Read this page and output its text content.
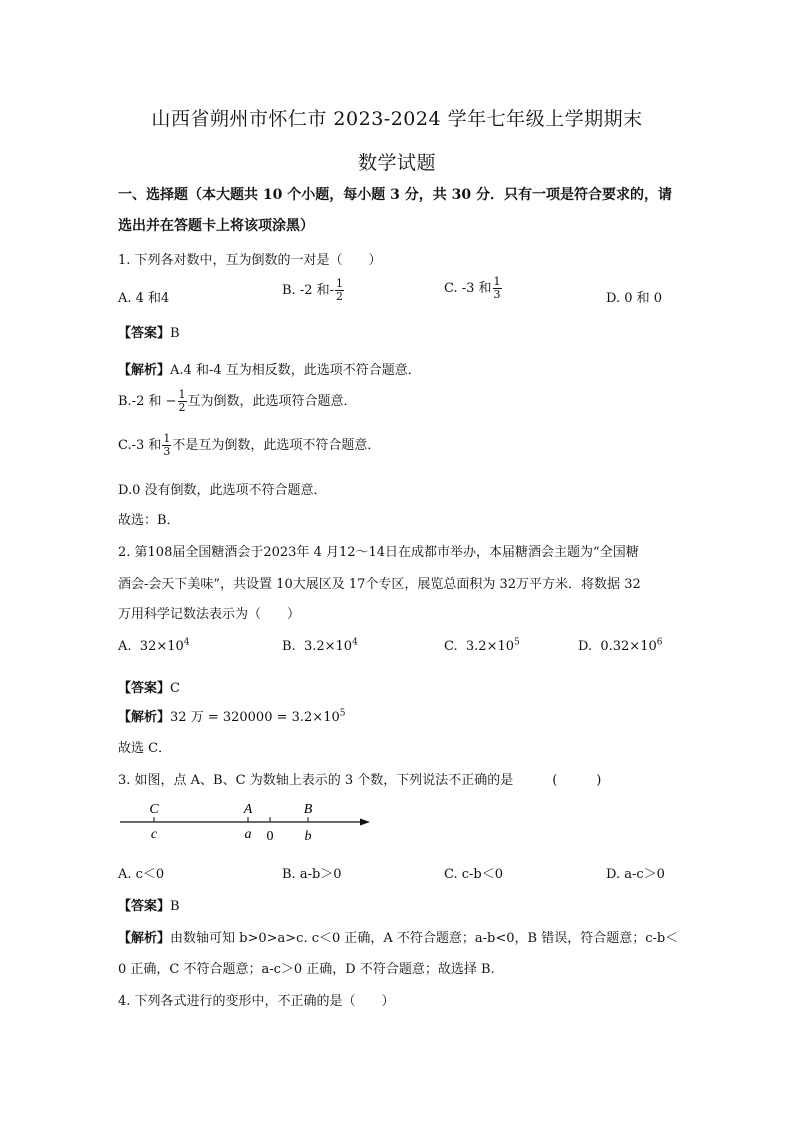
山西省朔州市怀仁市 2023-2024 学年七年级上学期期末
数学试题
一、选择题（本大题共 10 个小题，每小题 3 分，共 30 分．只有一项是符合要求的，请选出并在答题卡上将该项涂黑）
1. 下列各对数中，互为倒数的一对是（　　）
A. 4 和4
B. -2 和- $\frac{1}{2}$	C. -3 和 $\frac{1}{3}$	D. 0 和 0
【答案】B
【解析】A.4 和-4 互为相反数，此选项不符合题意．
B.-2 和 − $\frac{1}{2}$ 互为倒数，此选项符合题意．
C.-3 和 $\frac{1}{3}$ 不是互为倒数，此选项不符合题意．
D.0 没有倒数，此选项不符合题意．
故选：B．
2. 第108届全国糖酒会于2023年 4 月12～14日在成都市举办，本届糖酒会主题为“全国糖
酒会-会天下美味”，共设置 10大展区及 17个专区，展览总面积为 32万平方米．将数据 32
万用科学记数法表示为（　　）
A. $32\times 10^4$	B. $3.2\times 10^4$	C. $3.2\times 10^5$	D. $0.32\times 10^6$
【答案】C
【解析】32 万 = $320000 = 3.2\times 10^5$
故选 C．
3. 如图，点 A、B、C 为数轴上表示的 3 个数，下列说法不正确的是　　　(　　　)
C	A	B
c	a 0 b
A. c＜0	B. a-b＞0	C. c-b＜0	D. a-c＞0
【答案】B
【解析】由数轴可知 b>0>a>c. c＜0 正确，A 不符合题意；a-b<0，B 错误，符合题意；c-b＜
0 正确，C 不符合题意；a-c＞0 正确，D 不符合题意；故选择 B.
4. 下列各式进行的变形中，不正确的是（　　）
